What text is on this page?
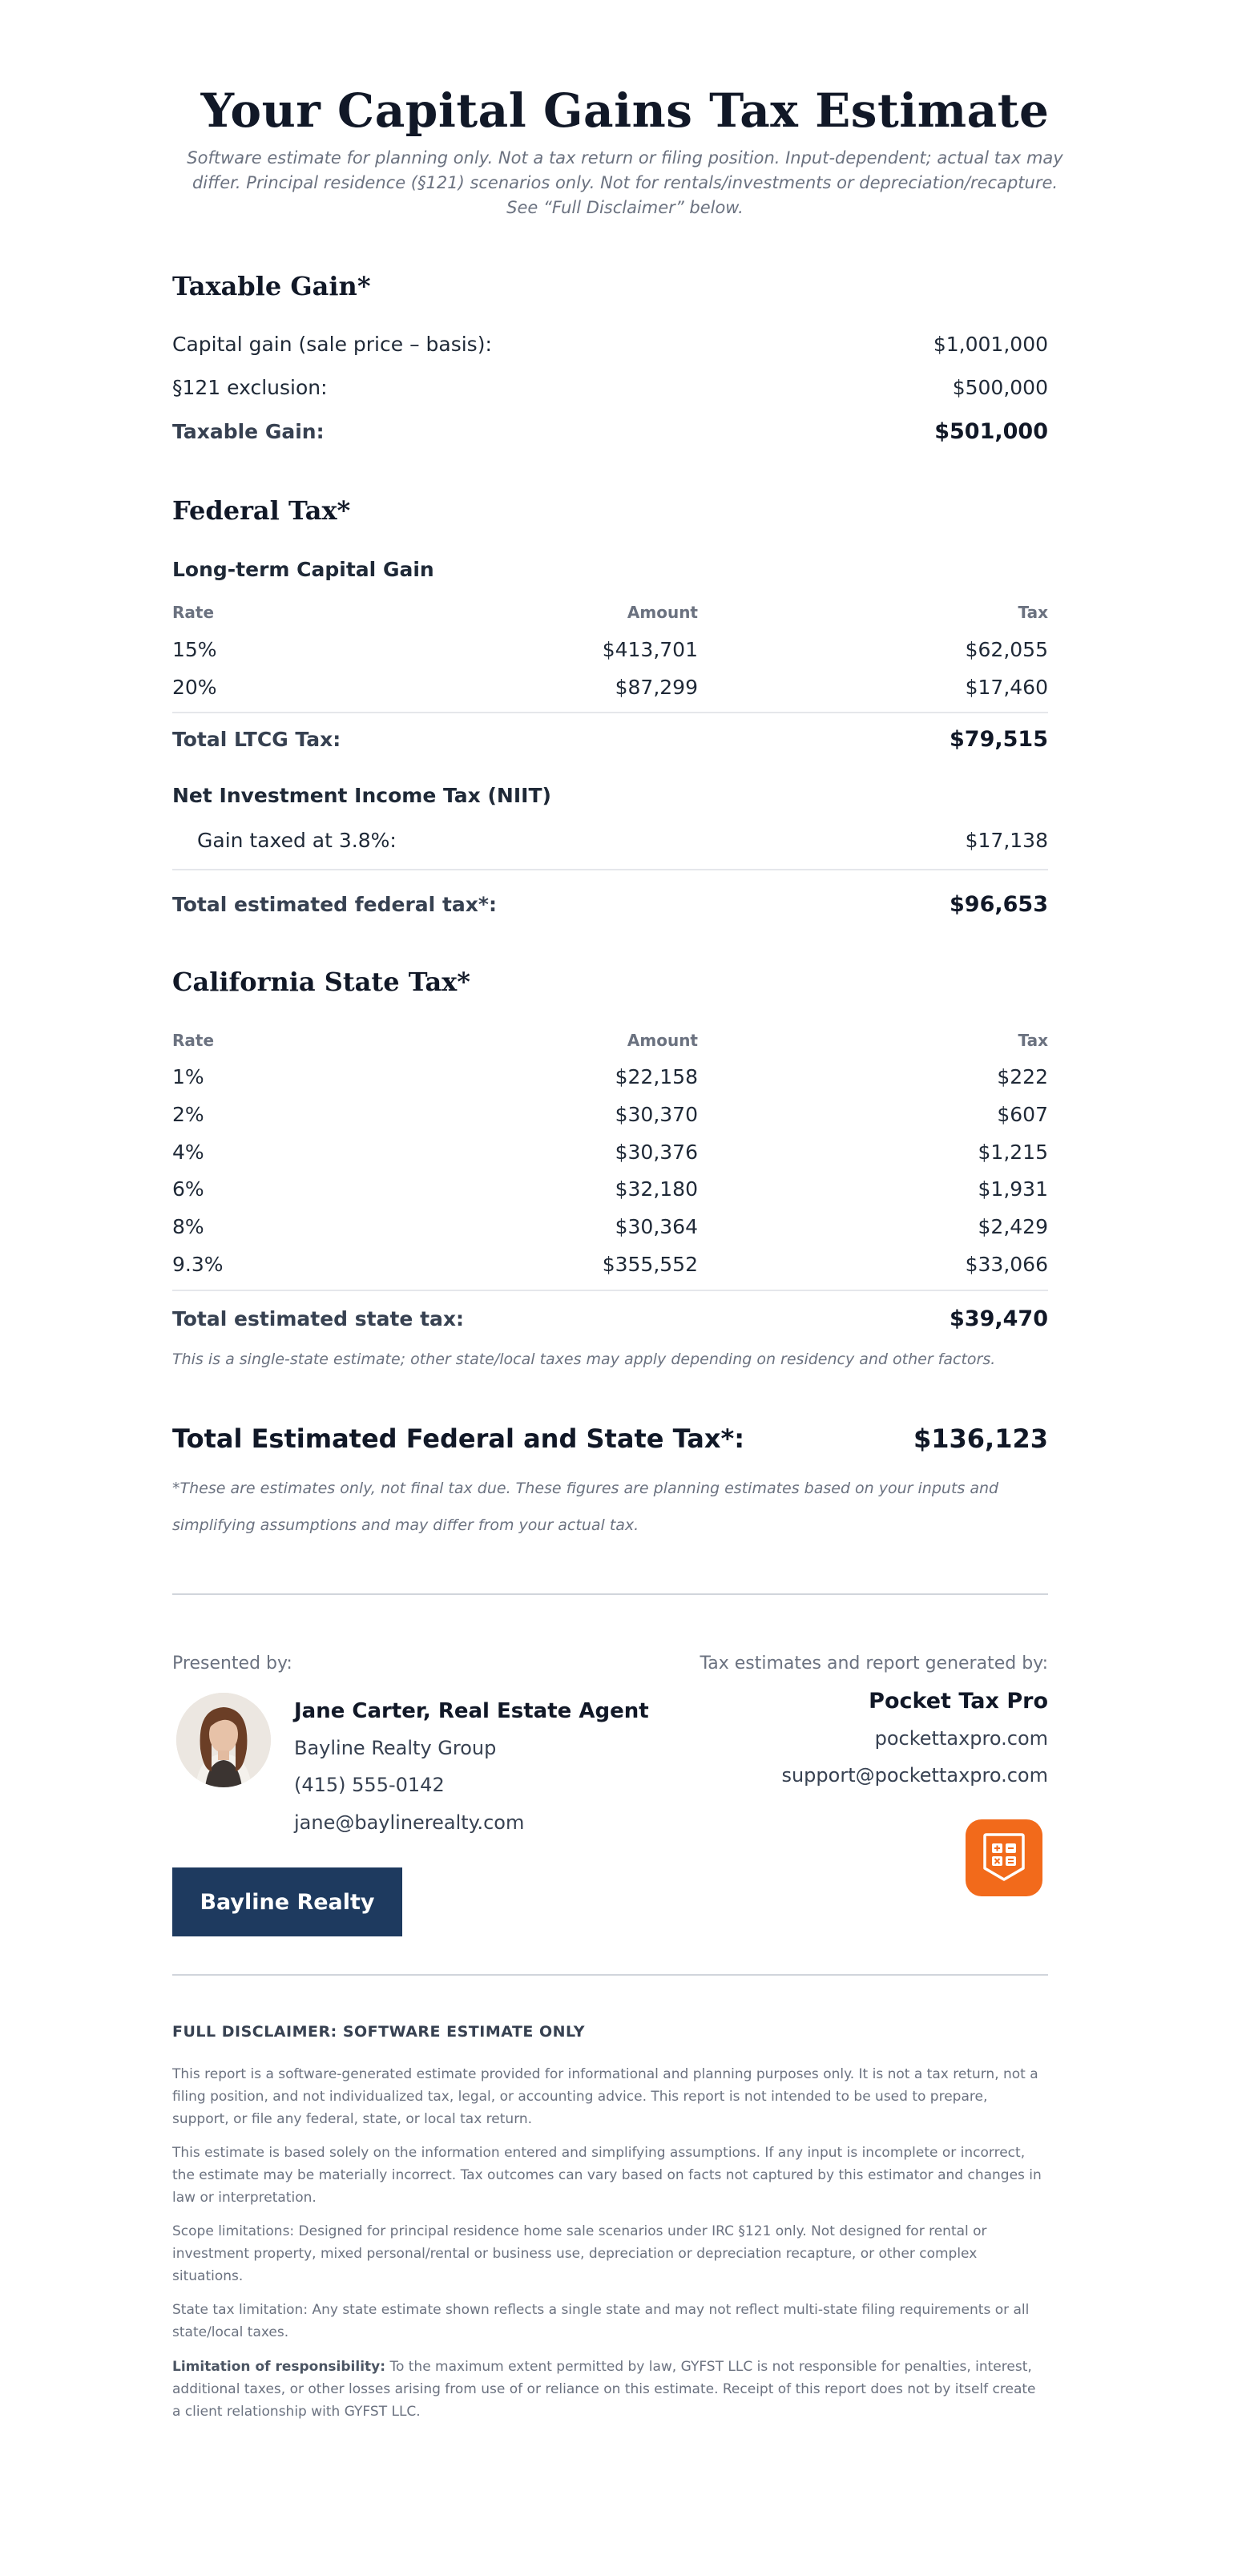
Your Capital Gains Tax Estimate
Software estimate for planning only. Not a tax return or filing position. Input-dependent; actual tax may differ. Principal residence (§121) scenarios only. Not for rentals/investments or depreciation/recapture. See “Full Disclaimer” below.
Taxable Gain*
Capital gain (sale price – basis):	$1,001,000
§121 exclusion:	$500,000
Taxable Gain:	$501,000
Federal Tax*
Long-term Capital Gain
Rate	Amount	Tax
15%	$413,701	$62,055
20%	$87,299	$17,460
Total LTCG Tax:	$79,515
Net Investment Income Tax (NIIT)
Gain taxed at 3.8%:	$17,138
Total estimated federal tax*:	$96,653
California State Tax*
Rate	Amount	Tax
1%	$22,158	$222
2%	$30,370	$607
4%	$30,376	$1,215
6%	$32,180	$1,931
8%	$30,364	$2,429
9.3%	$355,552	$33,066
Total estimated state tax:	$39,470
This is a single-state estimate; other state/local taxes may apply depending on residency and other factors.
Total Estimated Federal and State Tax*:	$136,123
*These are estimates only, not final tax due. These figures are planning estimates based on your inputs and simplifying assumptions and may differ from your actual tax.
Presented by:
Jane Carter, Real Estate Agent
Bayline Realty Group
(415) 555-0142
jane@baylinerealty.com
Bayline Realty
Tax estimates and report generated by:
Pocket Tax Pro
pockettaxpro.com
support@pockettaxpro.com
FULL DISCLAIMER: SOFTWARE ESTIMATE ONLY
This report is a software-generated estimate provided for informational and planning purposes only. It is not a tax return, not a filing position, and not individualized tax, legal, or accounting advice. This report is not intended to be used to prepare, support, or file any federal, state, or local tax return.
This estimate is based solely on the information entered and simplifying assumptions. If any input is incomplete or incorrect, the estimate may be materially incorrect. Tax outcomes can vary based on facts not captured by this estimator and changes in law or interpretation.
Scope limitations: Designed for principal residence home sale scenarios under IRC §121 only. Not designed for rental or investment property, mixed personal/rental or business use, depreciation or depreciation recapture, or other complex situations.
State tax limitation: Any state estimate shown reflects a single state and may not reflect multi-state filing requirements or all state/local taxes.
Limitation of responsibility: To the maximum extent permitted by law, GYFST LLC is not responsible for penalties, interest, additional taxes, or other losses arising from use of or reliance on this estimate. Receipt of this report does not by itself create a client relationship with GYFST LLC.
